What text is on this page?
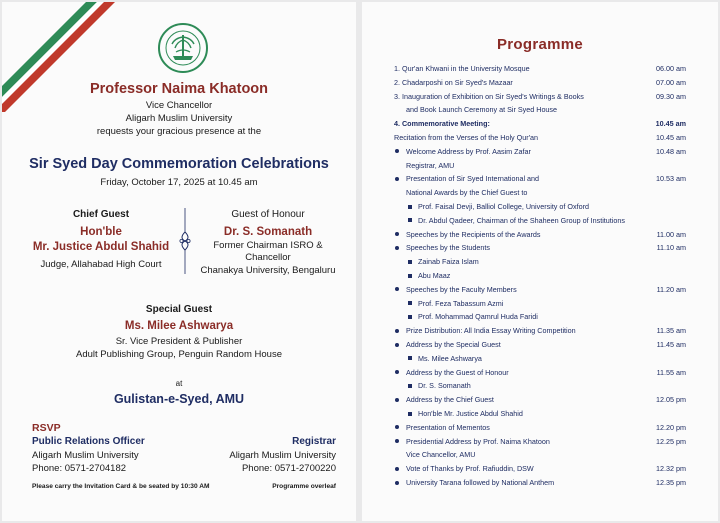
Professor Naima Khatoon
Vice Chancellor
Aligarh Muslim University
requests your gracious presence at the
Sir Syed Day Commemoration Celebrations
Friday, October 17, 2025 at 10.45 am
Chief Guest
Hon'ble
Mr. Justice Abdul Shahid
Judge, Allahabad High Court
Guest of Honour
Dr. S. Somanath
Former Chairman ISRO &
Chancellor
Chanakya University, Bengaluru
Special Guest
Ms. Milee Ashwarya
Sr. Vice President & Publisher
Adult Publishing Group, Penguin Random House
at
Gulistan-e-Syed, AMU
RSVP
Public Relations Officer
Aligarh Muslim University
Phone: 0571-2704182
Registrar
Aligarh Muslim University
Phone: 0571-2700220
Please carry the Invitation Card & be seated by 10:30 AM	Programme overleaf
Programme
1. Qur'an Khwani in the University Mosque	06.00 am
2. Chadarposhi on Sir Syed's Mazaar	07.00 am
3. Inauguration of Exhibition on Sir Syed's Writings & Books	09.30 am
and Book Launch Ceremony at Sir Syed House
4. Commemorative Meeting:	10.45 am
Recitation from the Verses of the Holy Qur'an	10.45 am
Welcome Address by Prof. Aasim Zafar	10.48 am
Registrar, AMU
Presentation of Sir Syed International and	10.53 am
National Awards by the Chief Guest to
Prof. Faisal Devji, Balliol College, University of Oxford
Dr. Abdul Qadeer, Chairman of the Shaheen Group of Institutions
Speeches by the Recipients of the Awards	11.00 am
Speeches by the Students	11.10 am
Zainab Faiza Islam
Abu Maaz
Speeches by the Faculty Members	11.20 am
Prof. Feza Tabassum Azmi
Prof. Mohammad Qamrul Huda Faridi
Prize Distribution: All India Essay Writing Competition	11.35 am
Address by the Special Guest	11.45 am
Ms. Milee Ashwarya
Address by the Guest of Honour	11.55 am
Dr. S. Somanath
Address by the Chief Guest	12.05 pm
Hon'ble Mr. Justice Abdul Shahid
Presentation of Mementos	12.20 pm
Presidential Address by Prof. Naima Khatoon	12.25 pm
Vice Chancellor, AMU
Vote of Thanks by Prof. Rafiuddin, DSW	12.32 pm
University Tarana followed by National Anthem	12.35 pm
